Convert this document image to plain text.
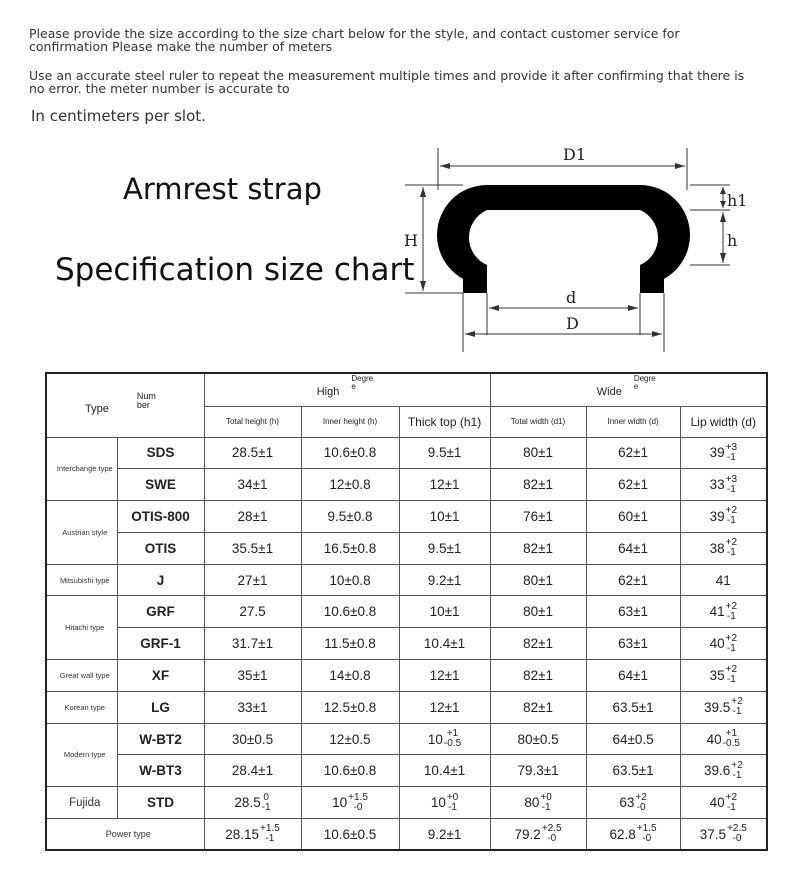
Please provide the size according to the size chart below for the style, and contact customer service for confirmation Please make the number of meters
Use an accurate steel ruler to repeat the measurement multiple times and provide it after confirming that there is no error. the meter number is accurate to
In centimeters per slot.
Armrest strap
Specification size chart
D1
H
h1
h
d
D
TypeNum ber		HighDegre e			WideDegre e		
		Total height (h)	Inner height (h)	Thick top (h1)	Total width (d1)	Inner width (d)	Lip width (d)
Interchange type	SDS	28.5±1	10.6±0.8	9.5±1	80±1	62±1	39 +3
-1

	SWE	34±1	12±0.8	12±1	82±1	62±1	33 +3
-1

Austrian style	OTIS-800	28±1	9.5±0.8	10±1	76±1	60±1	39 +2
-1

	OTIS	35.5±1	16.5±0.8	9.5±1	82±1	64±1	38 +2
-1

Mitsubishi type	J	27±1	10±0.8	9.2±1	80±1	62±1	41
Hitachi type	GRF	27.5	10.6±0.8	10±1	80±1	63±1	41 +2
-1

	GRF-1	31.7±1	11.5±0.8	10.4±1	82±1	63±1	40 +2
-1

Great wall type	XF	35±1	14±0.8	12±1	82±1	64±1	35 +2
-1

Korean type	LG	33±1	12.5±0.8	12±1	82±1	63.5±1	39.5 +2
-1

Modern type	W-BT2	30±0.5	12±0.5	10 +1
-0.5	80±0.5	64±0.5	40 +1
-0.5

	W-BT3	28.4±1	10.6±0.8	10.4±1	79.3±1	63.5±1	39.6 +2
-1

Fujida	STD	28.5 0
-1	10 +1.5
-0	10 +0
-1	80 +0
-1	63 +2
-0	40 +2
-1

Power type		28.15 +1.5
-1	10.6±0.5	9.2±1	79.2 +2.5
-0	62.8 +1.5
-0	37.5 +2.5
-0
